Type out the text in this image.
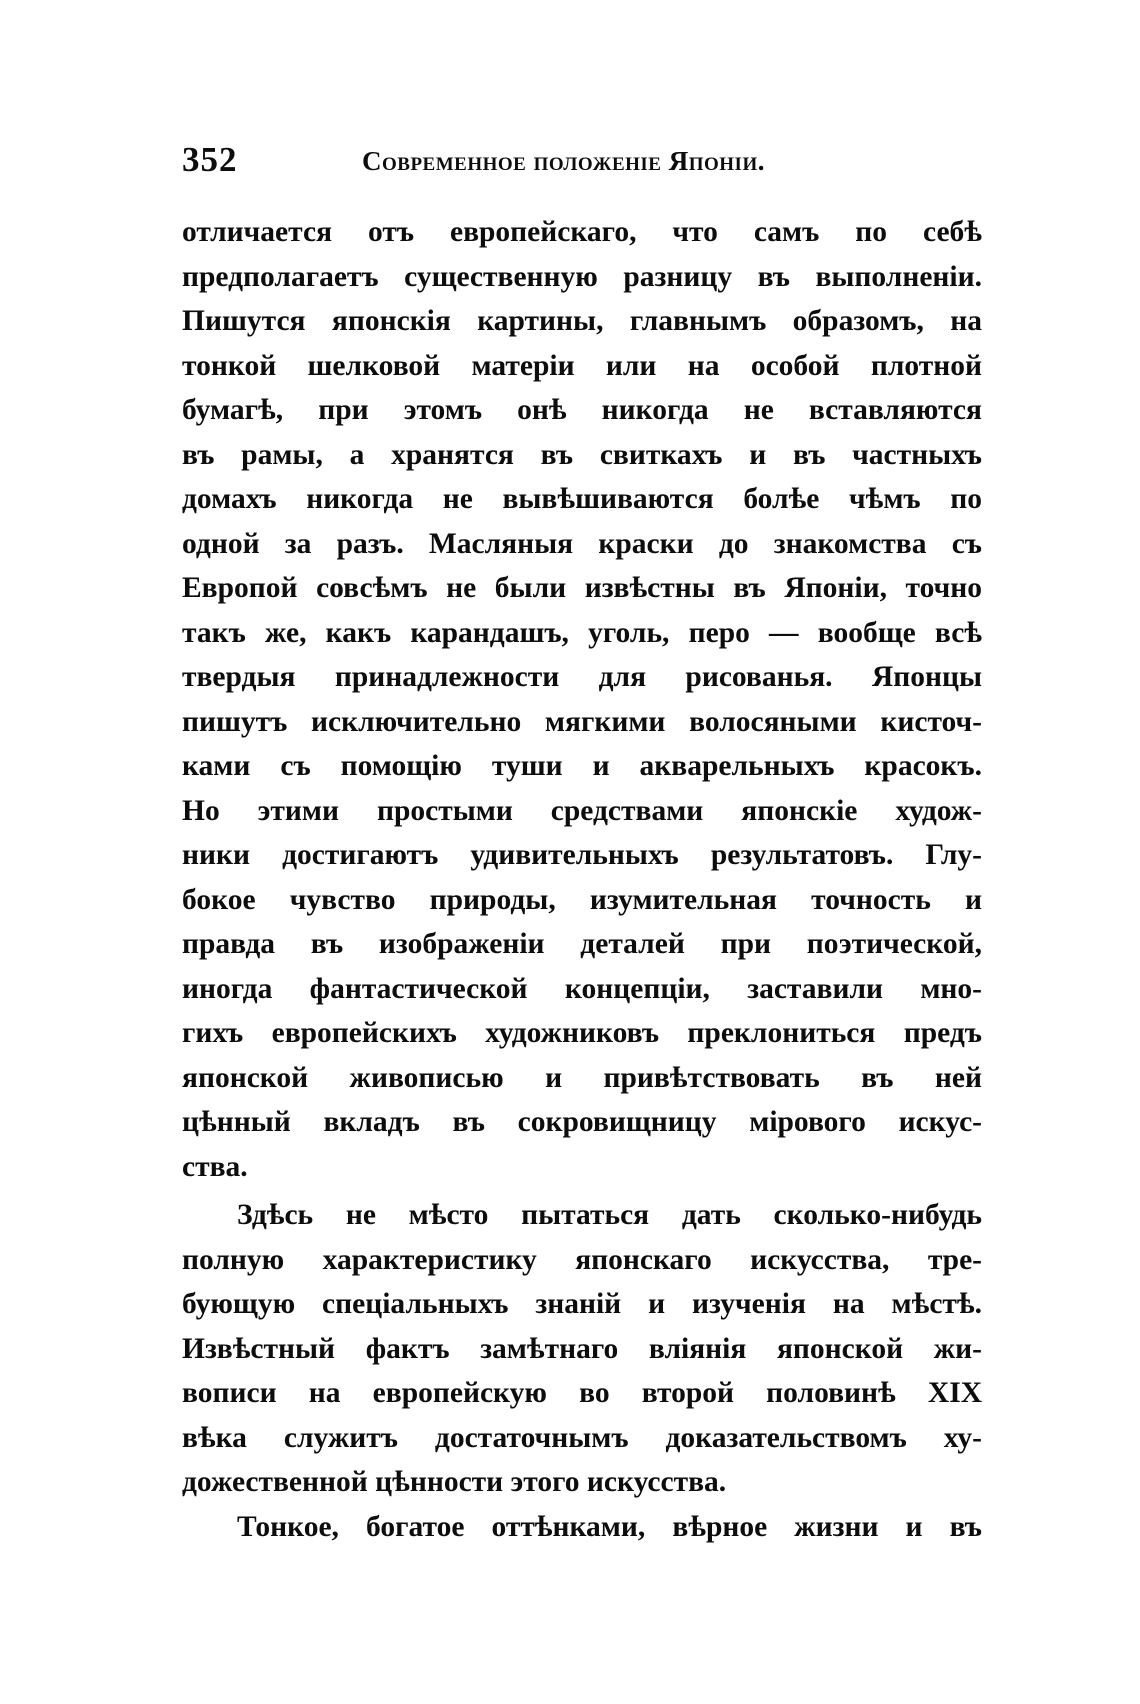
352	Современное положенiе Японiи.
отличается отъ европейскаго, что самъ по себѣ
предполагаетъ существенную разницу въ выполненiи.
Пишутся японскiя картины, главнымъ образомъ, на
тонкой шелковой матерiи или на особой плотной
бумагѣ, при этомъ онѣ никогда не вставляются
въ рамы, а хранятся въ свиткахъ и въ частныхъ
домахъ никогда не вывѣшиваются болѣе чѣмъ по
одной за разъ. Масляныя краски до знакомства съ
Европой совсѣмъ не были извѣстны въ Японiи, точно
такъ же, какъ карандашъ, уголь, перо — вообще всѣ
твердыя принадлежности для рисованья. Японцы
пишутъ исключительно мягкими волосяными кисточ-
ками съ помощiю туши и акварельныхъ красокъ.
Но этими простыми средствами японскiе худож-
ники достигаютъ удивительныхъ результатовъ. Глу-
бокое чувство природы, изумительная точность и
правда въ изображенiи деталей при поэтической,
иногда фантастической концепцiи, заставили мно-
гихъ европейскихъ художниковъ преклониться предъ
японской живописью и привѣтствовать въ ней
цѣнный вкладъ въ сокровищницу мiрового искус-
ства.
Здѣсь не мѣсто пытаться дать сколько-нибудь
полную характеристику японскаго искусства, тре-
бующую спецiальныхъ знанiй и изученiя на мѣстѣ.
Извѣстный фактъ замѣтнаго влiянiя японской жи-
вописи на европейскую во второй половинѣ XIX
вѣка служитъ достаточнымъ доказательствомъ ху-
дожественной цѣнности этого искусства.
Тонкое, богатое оттѣнками, вѣрное жизни и въ
